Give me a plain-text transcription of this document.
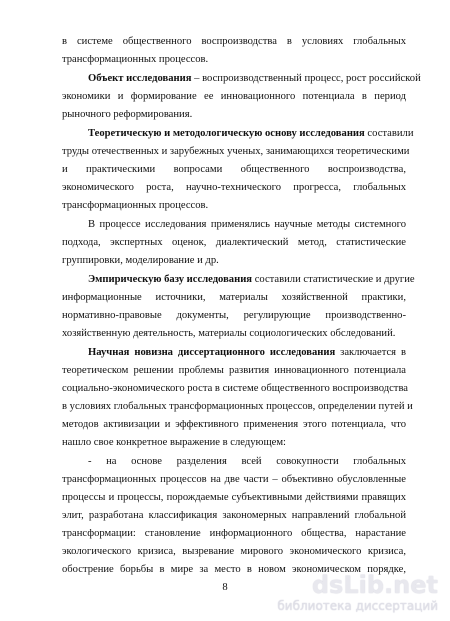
в системе общественного воспроизводства в условиях глобальных
трансформационных процессов.
Объект исследования – воспроизводственный процесс, рост российской
экономики и формирование ее инновационного потенциала в период
рыночного реформирования.
Теоретическую и методологическую основу исследования составили
труды отечественных и зарубежных ученых, занимающихся теоретическими
и практическими вопросами общественного воспроизводства,
экономического роста, научно-технического прогресса, глобальных
трансформационных процессов.
В процессе исследования применялись научные методы системного
подхода, экспертных оценок, диалектический метод, статистические
группировки, моделирование и др.
Эмпирическую базу исследования составили статистические и другие
информационные источники, материалы хозяйственной практики,
нормативно-правовые документы, регулирующие производственно-
хозяйственную деятельность, материалы социологических обследований.
Научная новизна диссертационного исследования заключается в
теоретическом решении проблемы развития инновационного потенциала
социально-экономического роста в системе общественного воспроизводства
в условиях глобальных трансформационных процессов, определении путей и
методов активизации и эффективного применения этого потенциала, что
нашло свое конкретное выражение в следующем:
- на основе разделения всей совокупности глобальных
трансформационных процессов на две части – объективно обусловленные
процессы и процессы, порождаемые субъективными действиями правящих
элит, разработана классификация закономерных направлений глобальной
трансформации: становление информационного общества, нарастание
8	dsLib.net
библиотека диссертаций
экологического кризиса, вызревание мирового экономического кризиса,
обострение борьбы в мире за место в новом экономическом порядке,
